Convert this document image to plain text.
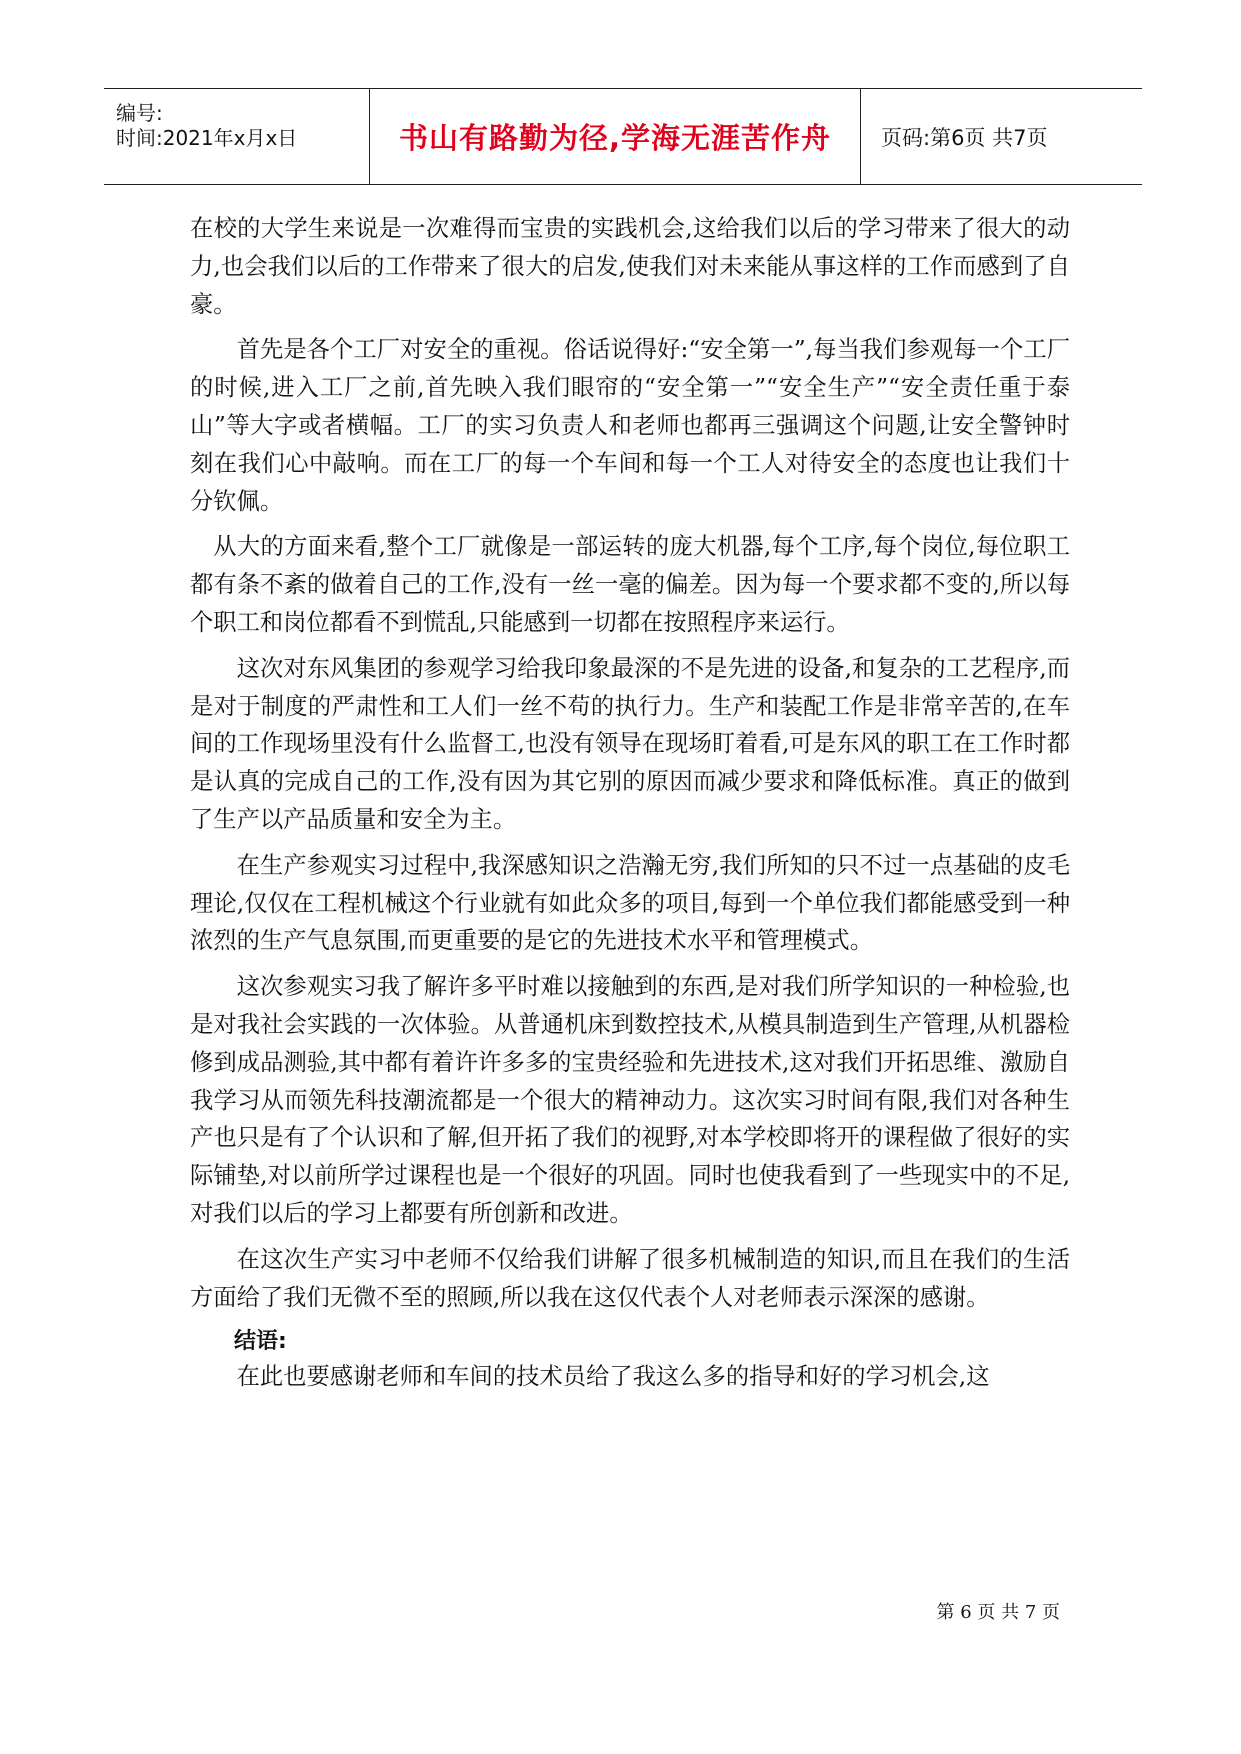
编号:
时间:2021年x月x日	书山有路勤为径,学海无涯苦作舟	页码:第6页 共7页

在校的大学生来说是一次难得而宝贵的实践机会,这给我们以后的学习带来了很大的动力,也会我们以后的工作带来了很大的启发,使我们对未来能从事这样的工作而感到了自豪。

首先是各个工厂对安全的重视。俗话说得好:“安全第一”,每当我们参观每一个工厂的时候,进入工厂之前,首先映入我们眼帘的“安全第一”“安全生产”“安全责任重于泰山”等大字或者横幅。工厂的实习负责人和老师也都再三强调这个问题,让安全警钟时刻在我们心中敲响。而在工厂的每一个车间和每一个工人对待安全的态度也让我们十分钦佩。

从大的方面来看,整个工厂就像是一部运转的庞大机器,每个工序,每个岗位,每位职工都有条不紊的做着自己的工作,没有一丝一毫的偏差。因为每一个要求都不变的,所以每个职工和岗位都看不到慌乱,只能感到一切都在按照程序来运行。

这次对东风集团的参观学习给我印象最深的不是先进的设备,和复杂的工艺程序,而是对于制度的严肃性和工人们一丝不苟的执行力。生产和装配工作是非常辛苦的,在车间的工作现场里没有什么监督工,也没有领导在现场盯着看,可是东风的职工在工作时都是认真的完成自己的工作,没有因为其它别的原因而减少要求和降低标准。真正的做到了生产以产品质量和安全为主。

在生产参观实习过程中,我深感知识之浩瀚无穷,我们所知的只不过一点基础的皮毛理论,仅仅在工程机械这个行业就有如此众多的项目,每到一个单位我们都能感受到一种浓烈的生产气息氛围,而更重要的是它的先进技术水平和管理模式。

这次参观实习我了解许多平时难以接触到的东西,是对我们所学知识的一种检验,也是对我社会实践的一次体验。从普通机床到数控技术,从模具制造到生产管理,从机器检修到成品测验,其中都有着许许多多的宝贵经验和先进技术,这对我们开拓思维、激励自我学习从而领先科技潮流都是一个很大的精神动力。这次实习时间有限,我们对各种生产也只是有了个认识和了解,但开拓了我们的视野,对本学校即将开的课程做了很好的实际铺垫,对以前所学过课程也是一个很好的巩固。同时也使我看到了一些现实中的不足,对我们以后的学习上都要有所创新和改进。

在这次生产实习中老师不仅给我们讲解了很多机械制造的知识,而且在我们的生活方面给了我们无微不至的照顾,所以我在这仅代表个人对老师表示深深的感谢。

结语:

在此也要感谢老师和车间的技术员给了我这么多的指导和好的学习机会,这

第 6 页 共 7 页
